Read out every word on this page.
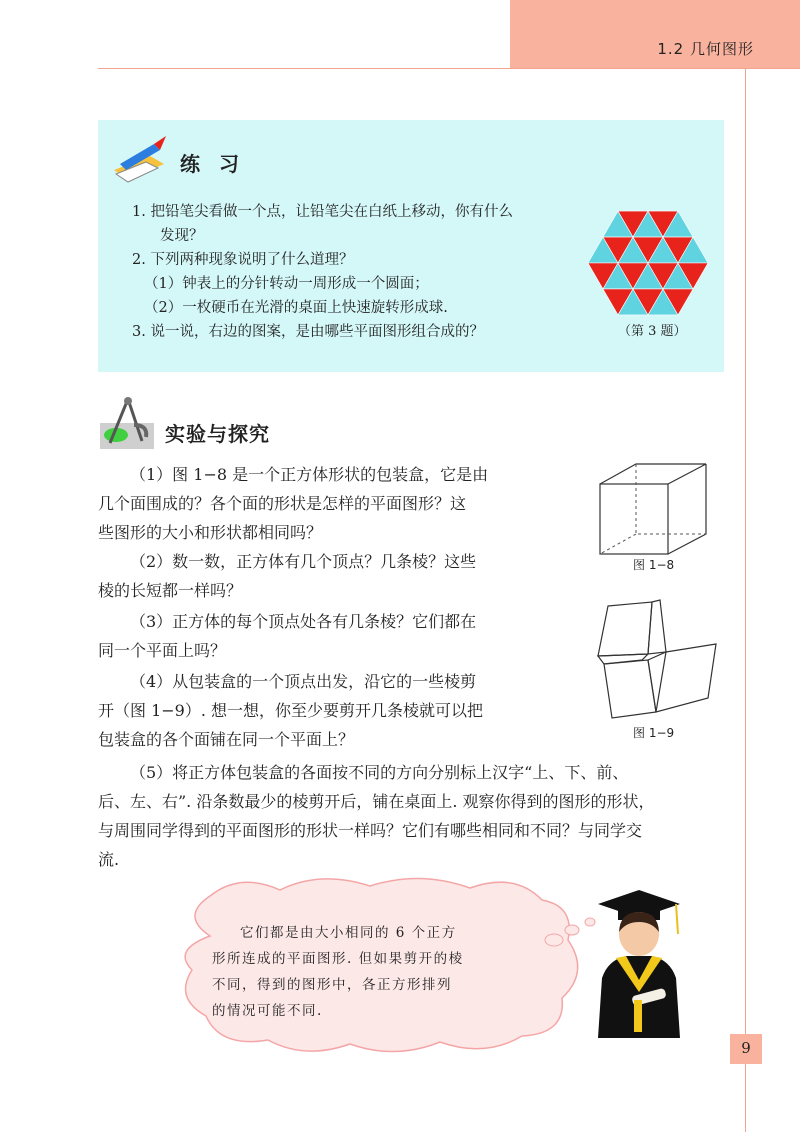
1.2 几何图形
练 习
1. 把铅笔尖看做一个点，让铅笔尖在白纸上移动，你有什么
发现？
2. 下列两种现象说明了什么道理？
（1）钟表上的分针转动一周形成一个圆面；
（2）一枚硬币在光滑的桌面上快速旋转形成球.
3. 说一说，右边的图案，是由哪些平面图形组合成的？	（第 3 题）
实验与探究
（1）图 1−8 是一个正方体形状的包装盒，它是由
几个面围成的？各个面的形状是怎样的平面图形？这
些图形的大小和形状都相同吗？
（2）数一数，正方体有几个顶点？几条棱？这些
棱的长短都一样吗？
（3）正方体的每个顶点处各有几条棱？它们都在
同一个平面上吗？
（4）从包装盒的一个顶点出发，沿它的一些棱剪
开（图 1−9）. 想一想，你至少要剪开几条棱就可以把
包装盒的各个面铺在同一个平面上？
（5）将正方体包装盒的各面按不同的方向分别标上汉字“上、下、前、
后、左、右”. 沿条数最少的棱剪开后，铺在桌面上. 观察你得到的图形的形状，
与周围同学得到的平面图形的形状一样吗？它们有哪些相同和不同？与同学交
流.
图 1−8
图 1−9
它们都是由大小相同的 6 个正方
形所连成的平面图形. 但如果剪开的棱
不同，得到的图形中，各正方形排列
的情况可能不同.
9
